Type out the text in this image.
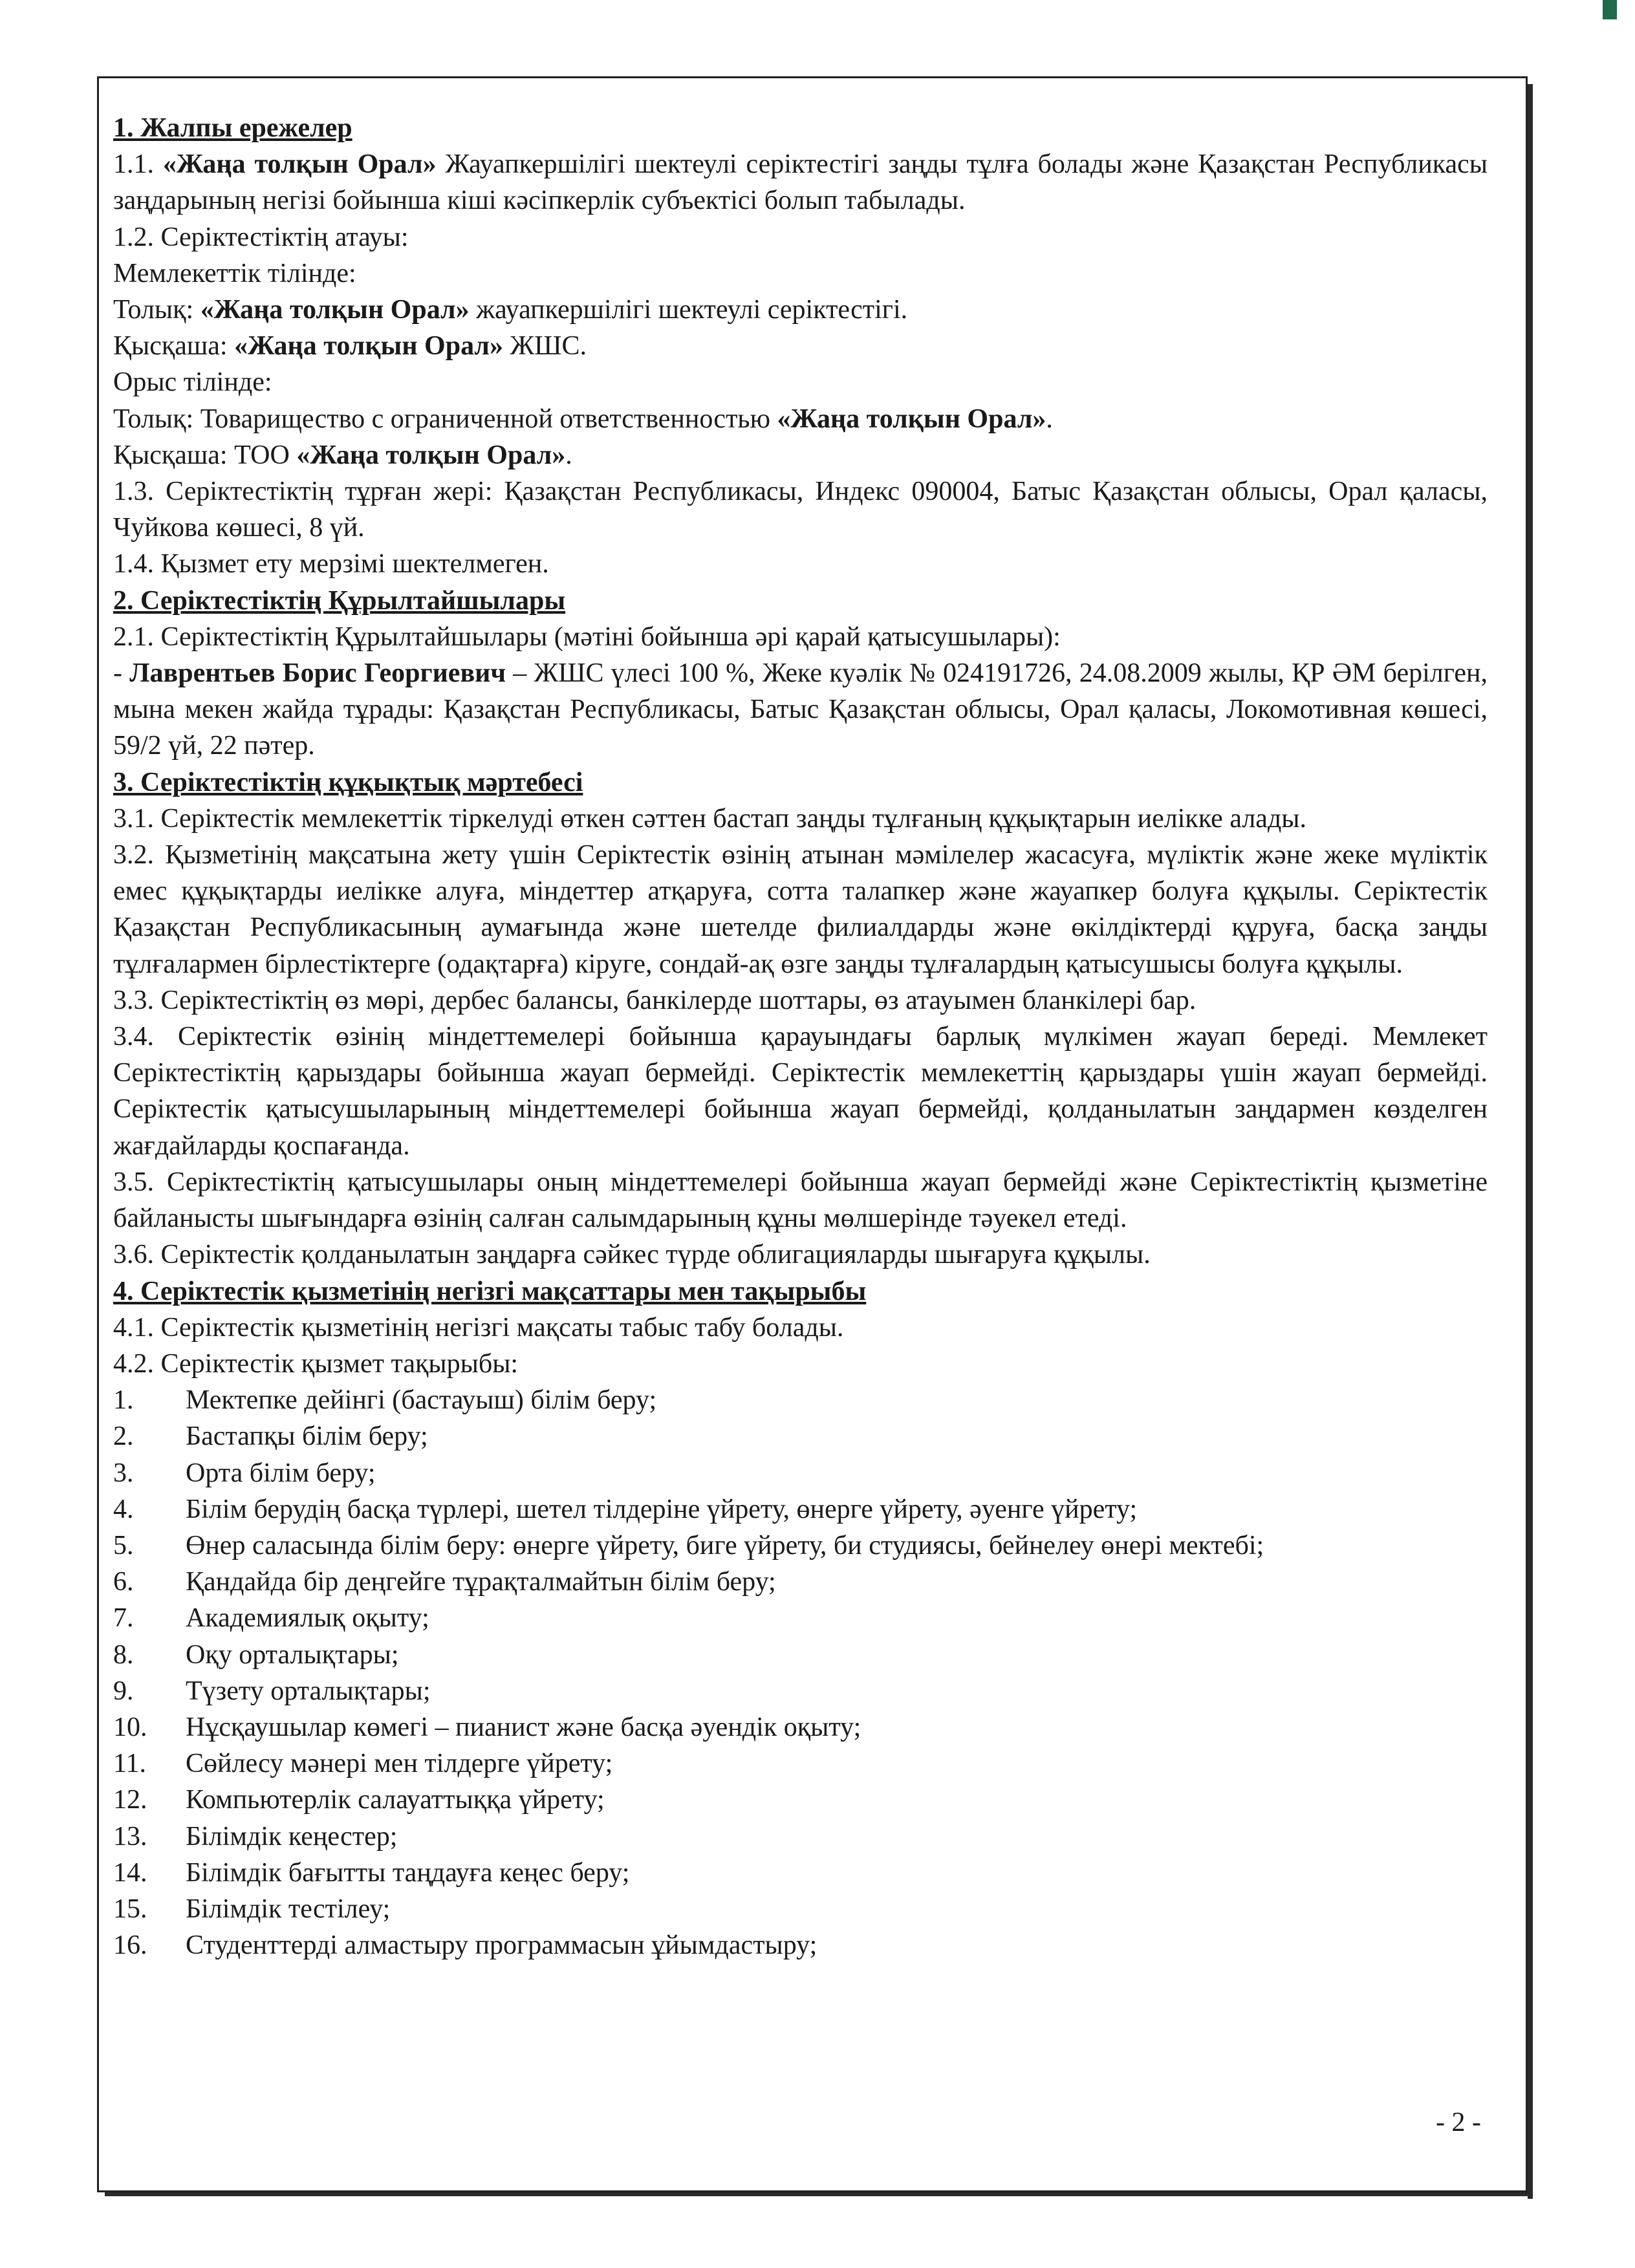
1. Жалпы ережелер

1.1. «Жаңа толқын Орал» Жауапкершілігі шектеулі серіктестігі заңды тұлға болады және Қазақстан Республикасы заңдарының негізі бойынша кіші кәсіпкерлік субъектісі болып табылады.

1.2. Серіктестіктің атауы:

Мемлекеттік тілінде:

Толық: «Жаңа толқын Орал» жауапкершілігі шектеулі серіктестігі.

Қысқаша: «Жаңа толқын Орал» ЖШС.

Орыс тілінде:

Толық: Товарищество с ограниченной ответственностью «Жаңа толқын Орал».

Қысқаша: ТОО «Жаңа толқын Орал».

1.3. Серіктестіктің тұрған жері: Қазақстан Республикасы, Индекс 090004, Батыс Қазақстан облысы, Орал қаласы, Чуйкова көшесі, 8 үй.

1.4. Қызмет ету мерзімі шектелмеген.

2. Серіктестіктің Құрылтайшылары

2.1. Серіктестіктің Құрылтайшылары (мәтіні бойынша әрі қарай қатысушылары):

- Лаврентьев Борис Георгиевич – ЖШС үлесі 100 %, Жеке куәлік № 024191726, 24.08.2009 жылы, ҚР ӘМ берілген, мына мекен жайда тұрады: Қазақстан Республикасы, Батыс Қазақстан облысы, Орал қаласы, Локомотивная көшесі, 59/2 үй, 22 пәтер.

3. Серіктестіктің құқықтық мәртебесі

3.1. Серіктестік мемлекеттік тіркелуді өткен сәттен бастап заңды тұлғаның құқықтарын иелікке алады.

3.2. Қызметінің мақсатына жету үшін Серіктестік өзінің атынан мәмілелер жасасуға, мүліктік және жеке мүліктік емес құқықтарды иелікке алуға, міндеттер атқаруға, сотта талапкер және жауапкер болуға құқылы. Серіктестік Қазақстан Республикасының аумағында және шетелде филиалдарды және өкілдіктерді құруға, басқа заңды тұлғалармен бірлестіктерге (одақтарға) кіруге, сондай-ақ өзге заңды тұлғалардың қатысушысы болуға құқылы.

3.3. Серіктестіктің өз мөрі, дербес балансы, банкілерде шоттары, өз атауымен бланкілері бар.

3.4. Серіктестік өзінің міндеттемелері бойынша қарауындағы барлық мүлкімен жауап береді. Мемлекет Серіктестіктің қарыздары бойынша жауап бермейді. Серіктестік мемлекеттің қарыздары үшін жауап бермейді. Серіктестік қатысушыларының міндеттемелері бойынша жауап бермейді, қолданылатын заңдармен көзделген жағдайларды қоспағанда.

3.5. Серіктестіктің қатысушылары оның міндеттемелері бойынша жауап бермейді және Серіктестіктің қызметіне байланысты шығындарға өзінің салған салымдарының құны мөлшерінде тәуекел етеді.

3.6. Серіктестік қолданылатын заңдарға сәйкес түрде облигацияларды шығаруға құқылы.

4. Серіктестік қызметінің негізгі мақсаттары мен тақырыбы

4.1. Серіктестік қызметінің негізгі мақсаты табыс табу болады.

4.2. Серіктестік қызмет тақырыбы:

1.	Мектепке дейінгі (бастауыш) білім беру;
2.	Бастапқы білім беру;
3.	Орта білім беру;
4.	Білім берудің басқа түрлері, шетел тілдеріне үйрету, өнерге үйрету, әуенге үйрету;
5.	Өнер саласында білім беру: өнерге үйрету, биге үйрету, би студиясы, бейнелеу өнері мектебі;
6.	Қандайда бір деңгейге тұрақталмайтын білім беру;
7.	Академиялық оқыту;
8.	Оқу орталықтары;
9.	Түзету орталықтары;
10.	Нұсқаушылар көмегі – пианист және басқа әуендік оқыту;
11.	Сөйлесу мәнері мен тілдерге үйрету;
12.	Компьютерлік салауаттыққа үйрету;
13.	Білімдік кеңестер;
14.	Білімдік бағытты таңдауға кеңес беру;
15.	Білімдік тестілеу;
16.	Студенттерді алмастыру программасын ұйымдастыру;
- 2 -
